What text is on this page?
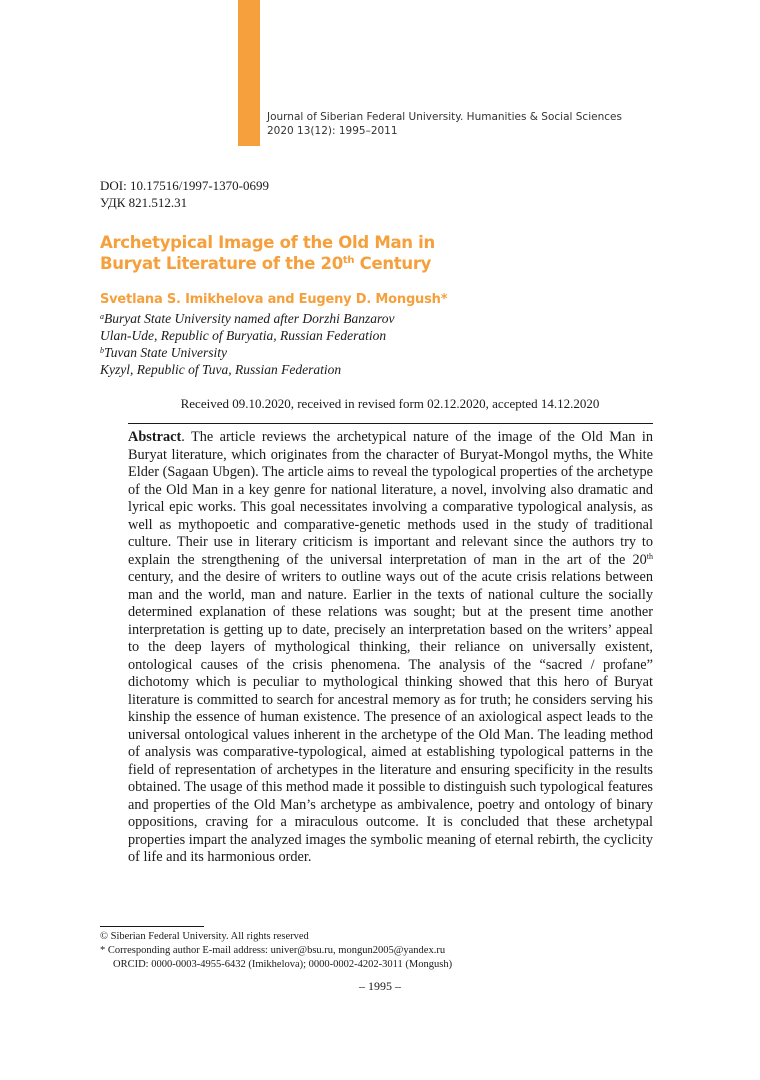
Journal of Siberian Federal University. Humanities & Social Sciences
2020 13(12): 1995–2011
DOI: 10.17516/1997-1370-0699
УДК 821.512.31
Archetypical Image of the Old Man in
Buryat Literature of the 20th Century
Svetlana S. Imikhelova and Eugeny D. Mongush*
$^a$Buryat State University named after Dorzhi Banzarov
Ulan-Ude, Republic of Buryatia, Russian Federation
$^b$Tuvan State University
Kyzyl, Republic of Tuva, Russian Federation
Received 09.10.2020, received in revised form 02.12.2020, accepted 14.12.2020

Abstract. The article reviews the archetypical nature of the image of the Old Man in Buryat literature, which originates from the character of Buryat-Mongol myths, the White Elder (Sagaan Ubgen). The article aims to reveal the typological properties of the archetype of the Old Man in a key genre for national literature, a novel, involving also dramatic and lyrical epic works. This goal necessitates involving a comparative typological analysis, as well as mythopoetic and comparative-genetic methods used in the study of traditional culture. Their use in literary criticism is important and relevant since the authors try to explain the strengthening of the universal interpretation of man in the art of the 20th century, and the desire of writers to outline ways out of the acute crisis relations between man and the world, man and nature. Earlier in the texts of national culture the socially determined explanation of these relations was sought; but at the present time another interpretation is getting up to date, precisely an interpretation based on the writers’ appeal to the deep layers of mythological thinking, their reliance on universally existent, ontological causes of the crisis phenomena. The analysis of the “sacred / profane” dichotomy which is peculiar to mythological thinking showed that this hero of Buryat literature is committed to search for ancestral memory as for truth; he considers serving his kinship the essence of human existence. The presence of an axiological aspect leads to the universal ontological values inherent in the archetype of the Old Man. The leading method of analysis was comparative-typological, aimed at establishing typological patterns in the field of representation of archetypes in the literature and ensuring specificity in the results obtained. The usage of this method made it possible to distinguish such typological features and properties of the Old Man’s archetype as ambivalence, poetry and ontology of binary oppositions, craving for a miraculous outcome. It is concluded that these archetypal properties impart the analyzed images the symbolic meaning of eternal rebirth, the cyclicity of life and its harmonious order.

© Siberian Federal University. All rights reserved
* Corresponding author E-mail address: univer@bsu.ru, mongun2005@yandex.ru
ORCID: 0000-0003-4955-6432 (Imikhelova); 0000-0002-4202-3011 (Mongush)
– 1995 –
